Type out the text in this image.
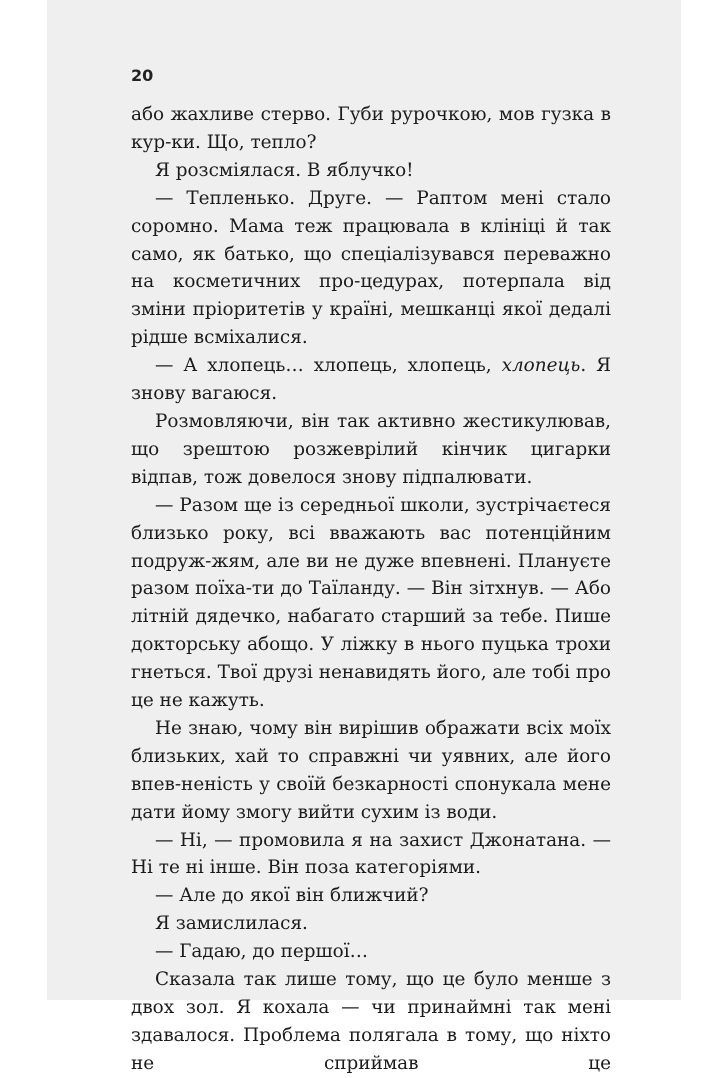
20

або жахливе стерво. Губи рурочкою, мов гузка в кур-ки. Що, тепло?

Я розсміялася. В яблучко!

— Тепленько. Друге. — Раптом мені стало соромно. Мама теж працювала в клініці й так само, як батько, що спеціалізувався переважно на косметичних про-цедурах, потерпала від зміни пріоритетів у країні, мешканці якої дедалі рідше всміхалися.

— А хлопець… хлопець, хлопець, хлопець. Я знову вагаюся.

Розмовляючи, він так активно жестикулював, що зрештою розжеврілий кінчик цигарки відпав, тож довелося знову підпалювати.

— Разом ще із середньої школи, зустрічаєтеся близько року, всі вважають вас потенційним подруж-жям, але ви не дуже впевнені. Плануєте разом поїха-ти до Таїланду. — Він зітхнув. — Або літній дядечко, набагато старший за тебе. Пише докторську абощо. У ліжку в нього пуцька трохи гнеться. Твої друзі ненавидять його, але тобі про це не кажуть.

Не знаю, чому він вирішив ображати всіх моїх близьких, хай то справжні чи уявних, але його впев-неність у своїй безкарності спонукала мене дати йому змогу вийти сухим із води.

— Ні, — промовила я на захист Джонатана. — Ні те ні інше. Він поза категоріями.

— Але до якої він ближчий?

Я замислилася.

— Гадаю, до першої…

Сказала так лише тому, що це було менше з двох зол. Я кохала — чи принаймні так мені здавалося. Проблема полягала в тому, що ніхто не сприймав це
